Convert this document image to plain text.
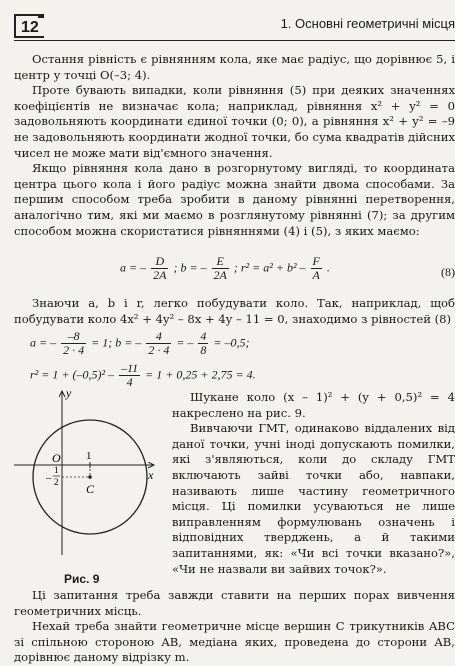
12	1. Основні геометричні місця

Остання рівність є рівнянням кола, яке має радіус, що дорівнює 5, і центр у точці O(–3; 4).

Проте бувають випадки, коли рівняння (5) при деяких значеннях коефіцієнтів не визначає кола; наприклад, рівняння x² + y² = 0 задовольняють координати єдиної точки (0; 0), а рівняння x² + y² = –9 не задовольняють координати жодної точки, бо сума квадратів дійсних чисел не може мати від'ємного значення.

Якщо рівняння кола дано в розгорнутому вигляді, то координата центра цього кола і його радіус можна знайти двома способами. За першим способом треба зробити в даному рівнянні перетворення, аналогічно тим, які ми маємо в розглянутому рівнянні (7); за другим способом можна скористатися рівняннями (4) і (5), з яких маємо:

a = – $\frac{D}{2A}$ ; b = – $\frac{E}{2A}$ ; $r^2 = a^2 + b^2 - \frac{F}{A}$ .	(8)

Знаючи a, b і r, легко побудувати коло. Так, наприклад, щоб побудувати коло 4x² + 4y² – 8x + 4y – 11 = 0, знаходимо з рівностей (8)

a = – $\frac{-8}{2 \cdot 4} = 1$; b = – $\frac{4}{2 \cdot 4}$ = – $\frac{4}{8} = -0,5$;
$r^2 = 1 + (-0,5)^2 - \frac{-11}{4} = 1 + 0,25 + 2,75 = 4$.
y
x
O 1
–
1
2 C
Рис. 9

Шукане коло (x – 1)² + (y + 0,5)² = 4 накреслено на рис. 9.

Вивчаючи ГМТ, одинаково віддалених від даної точки, учні іноді допускають помилки, які з'являються, коли до складу ГМТ включають зайві точки або, навпаки, називають лише частину геометричного місця. Ці помилки усуваються не лише виправленням формулювань означень і відповідних тверджень, а й такими запитаннями, як: «Чи всі точки вказано?», «Чи не назвали ви зайвих точок?».

Ці запитання треба завжди ставити на перших порах вивчення геометричних місць.

Нехай треба знайти геометричне місце вершин C трикутників ABC зі спільною стороною AB, медіана яких, проведена до сторони AB, дорівнює даному відрізку m.
